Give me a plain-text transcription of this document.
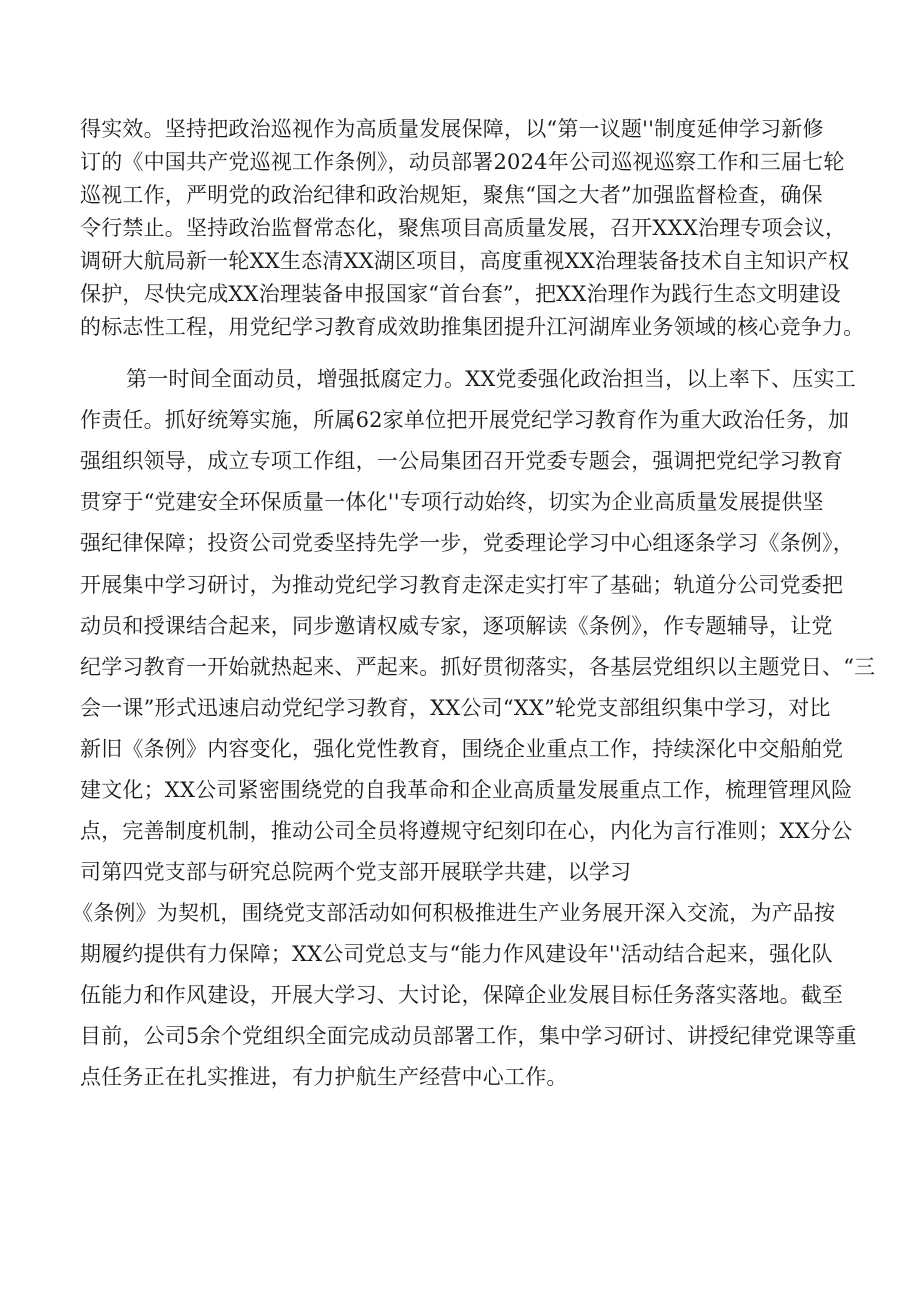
得实效。坚持把政治巡视作为高质量发展保障，以“第一议题''制度延伸学习新修
订的《中国共产党巡视工作条例》，动员部署2024年公司巡视巡察工作和三届七轮
巡视工作，严明党的政治纪律和政治规矩，聚焦“国之大者”加强监督检查，确保
令行禁止。坚持政治监督常态化，聚焦项目高质量发展，召开XXX治理专项会议，
调研大航局新一轮XX生态清XX湖区项目，高度重视XX治理装备技术自主知识产权
保护，尽快完成XX治理装备申报国家“首台套”，把XX治理作为践行生态文明建设
的标志性工程，用党纪学习教育成效助推集团提升江河湖库业务领域的核心竞争力。
第一时间全面动员，增强抵腐定力。XX党委强化政治担当，以上率下、压实工
作责任。抓好统筹实施，所属62家单位把开展党纪学习教育作为重大政治任务，加
强组织领导，成立专项工作组，一公局集团召开党委专题会，强调把党纪学习教育
贯穿于“党建安全环保质量一体化''专项行动始终，切实为企业高质量发展提供坚
强纪律保障；投资公司党委坚持先学一步，党委理论学习中心组逐条学习《条例》，
开展集中学习研讨，为推动党纪学习教育走深走实打牢了基础；轨道分公司党委把
动员和授课结合起来，同步邀请权威专家，逐项解读《条例》，作专题辅导，让党
纪学习教育一开始就热起来、严起来。抓好贯彻落实，各基层党组织以主题党日、“三
会一课”形式迅速启动党纪学习教育，XX公司“XX”轮党支部组织集中学习，对比
新旧《条例》内容变化，强化党性教育，围绕企业重点工作，持续深化中交船舶党
建文化；XX公司紧密围绕党的自我革命和企业高质量发展重点工作，梳理管理风险
点，完善制度机制，推动公司全员将遵规守纪刻印在心，内化为言行准则；XX分公
司第四党支部与研究总院两个党支部开展联学共建，以学习
《条例》为契机，围绕党支部活动如何积极推进生产业务展开深入交流，为产品按
期履约提供有力保障；XX公司党总支与“能力作风建设年''活动结合起来，强化队
伍能力和作风建设，开展大学习、大讨论，保障企业发展目标任务落实落地。截至
目前，公司5余个党组织全面完成动员部署工作，集中学习研讨、讲授纪律党课等重
点任务正在扎实推进，有力护航生产经营中心工作。
